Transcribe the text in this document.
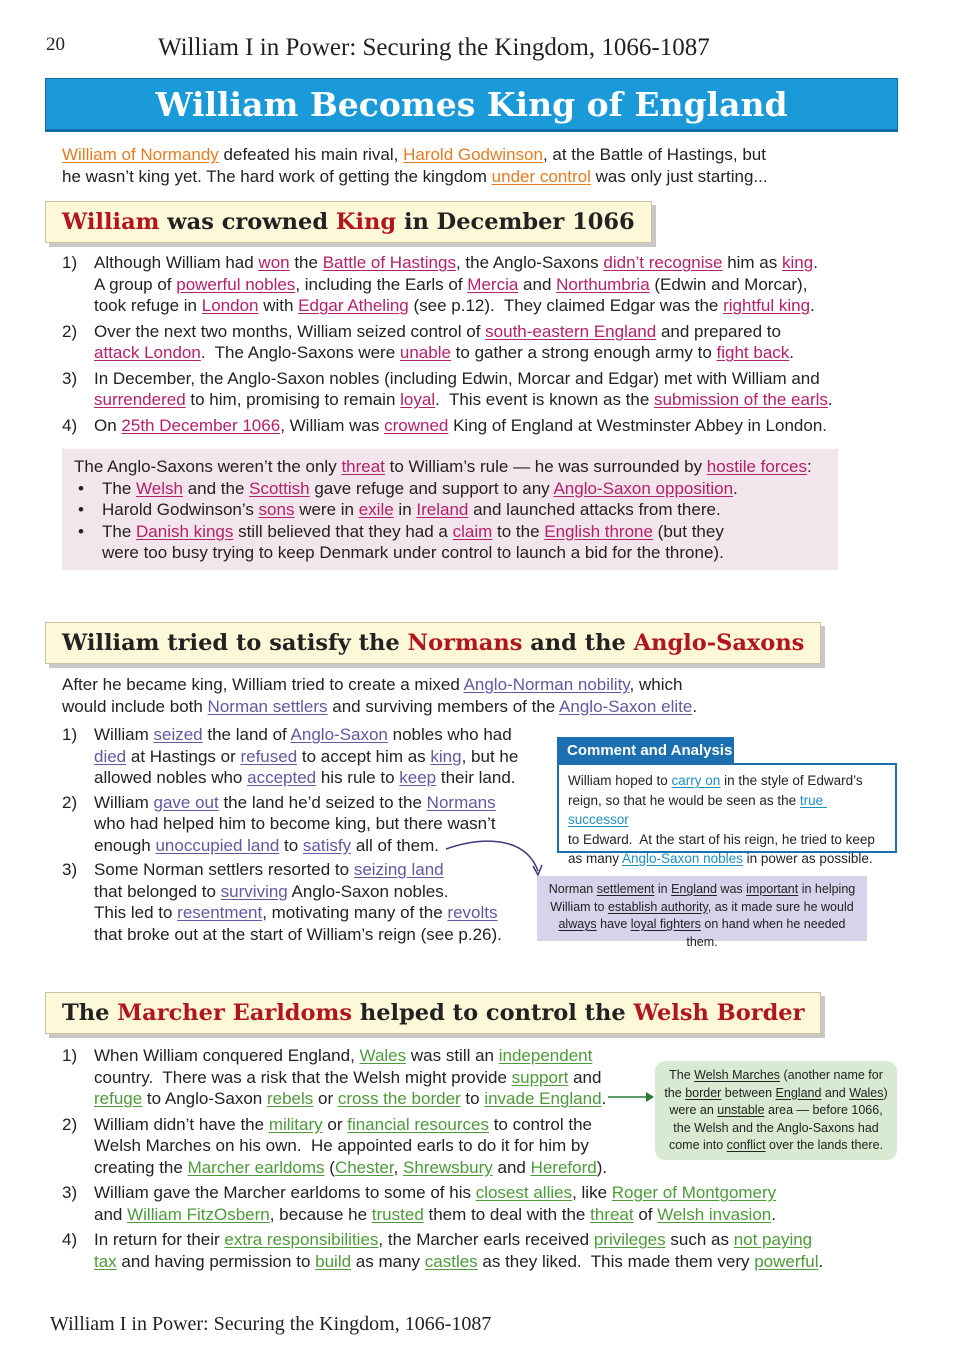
20	William I in Power: Securing the Kingdom, 1066-1087
William Becomes King of England
William of Normandy defeated his main rival, Harold Godwinson, at the Battle of Hastings, but
he wasn’t king yet. The hard work of getting the kingdom under control was only just starting...
William was crowned King in December 1066
1) Although William had won the Battle of Hastings, the Anglo-Saxons didn’t recognise him as king.
A group of powerful nobles, including the Earls of Mercia and Northumbria (Edwin and Morcar),
took refuge in London with Edgar Atheling (see p.12).  They claimed Edgar was the rightful king.
2) Over the next two months, William seized control of south-eastern England and prepared to
attack London.  The Anglo-Saxons were unable to gather a strong enough army to fight back.
3) In December, the Anglo-Saxon nobles (including Edwin, Morcar and Edgar) met with William and
surrendered to him, promising to remain loyal.  This event is known as the submission of the earls.
4) On 25th December 1066, William was crowned King of England at Westminster Abbey in London.
The Anglo-Saxons weren’t the only threat to William’s rule — he was surrounded by hostile forces:
• The Welsh and the Scottish gave refuge and support to any Anglo-Saxon opposition.
• Harold Godwinson’s sons were in exile in Ireland and launched attacks from there.
• The Danish kings still believed that they had a claim to the English throne (but they
were too busy trying to keep Denmark under control to launch a bid for the throne).
William tried to satisfy the Normans and the Anglo-Saxons
After he became king, William tried to create a mixed Anglo-Norman nobility, which
would include both Norman settlers and surviving members of the Anglo-Saxon elite.
1) William seized the land of Anglo-Saxon nobles who had
died at Hastings or refused to accept him as king, but he
allowed nobles who accepted his rule to keep their land.
2) William gave out the land he’d seized to the Normans
who had helped him to become king, but there wasn’t
enough unoccupied land to satisfy all of them.
3) Some Norman settlers resorted to seizing land
that belonged to surviving Anglo-Saxon nobles.
This led to resentment, motivating many of the revolts
that broke out at the start of William’s reign (see p.26).
Comment and Analysis
William hoped to carry on in the style of Edward’s
reign, so that he would be seen as the true successor
to Edward.  At the start of his reign, he tried to keep
as many Anglo-Saxon nobles in power as possible.
Norman settlement in England was important in helping
William to establish authority, as it made sure he would
always have loyal fighters on hand when he needed them.
The Marcher Earldoms helped to control the Welsh Border
1) When William conquered England, Wales was still an independent
country.  There was a risk that the Welsh might provide support and
refuge to Anglo-Saxon rebels or cross the border to invade England.
2) William didn’t have the military or financial resources to control the
Welsh Marches on his own.  He appointed earls to do it for him by
creating the Marcher earldoms (Chester, Shrewsbury and Hereford).
3) William gave the Marcher earldoms to some of his closest allies, like Roger of Montgomery
and William FitzOsbern, because he trusted them to deal with the threat of Welsh invasion.
4) In return for their extra responsibilities, the Marcher earls received privileges such as not paying
tax and having permission to build as many castles as they liked.  This made them very powerful.
The Welsh Marches (another name for
the border between England and Wales)
were an unstable area — before 1066,
the Welsh and the Anglo-Saxons had
come into conflict over the lands there.
William I in Power: Securing the Kingdom, 1066-1087
